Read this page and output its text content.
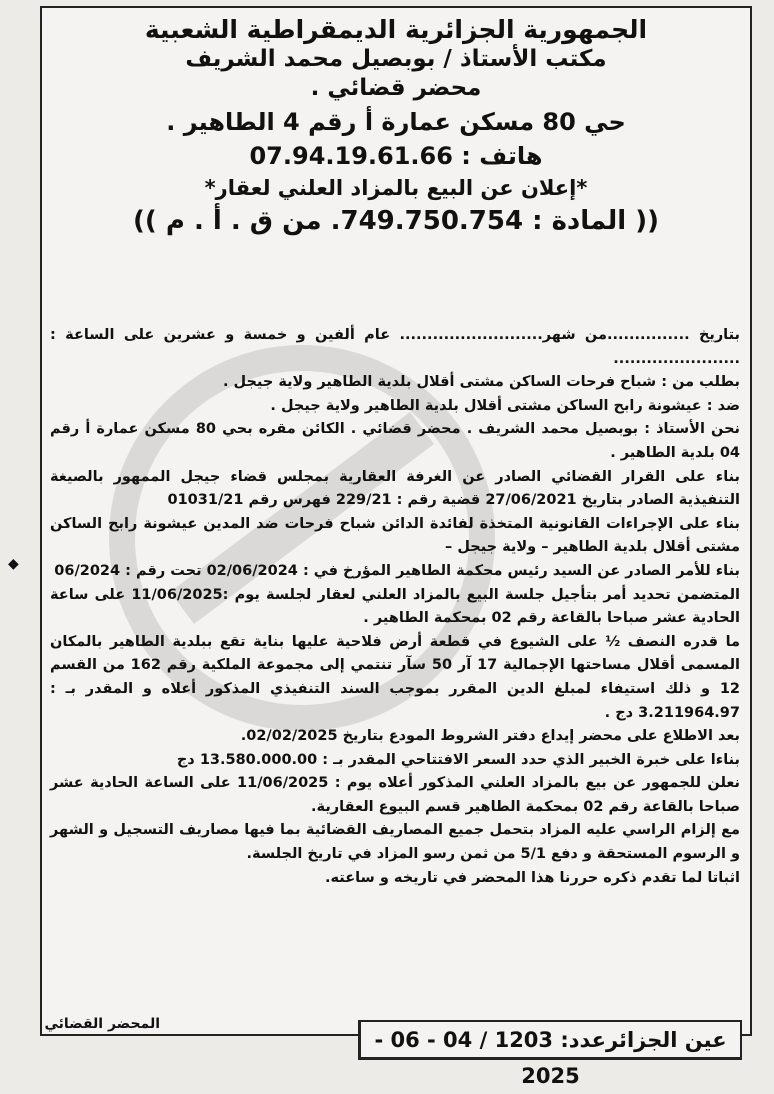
الجمهورية الجزائرية الديمقراطية الشعبية

مكتب الأستاذ / بوبصيل محمد الشريف

محضر قضائي .

حي 80 مسكن عمارة أ رقم 4 الطاهير .

هاتف : 07.94.19.61.66

*إعلان عن البيع بالمزاد العلني لعقار*

(( المادة : 749.750.754. من ق . أ . م ))

بتاريخ ...............من شهر.......................... عام ألفين و خمسة و عشرين على الساعة : .......................

بطلب من : شباح فرحات الساكن مشتى أقلال بلدية الطاهير ولاية جيجل .

ضد : عيشونة رابح الساكن مشتى أقلال بلدية الطاهير ولاية جيجل .

نحن الأستاذ : بوبصيل محمد الشريف . محضر قضائي . الكائن مقره بحي 80 مسكن عمارة أ رقم 04 بلدية الطاهير .

بناء على القرار القضائي الصادر عن الغرفة العقارية بمجلس قضاء جيجل الممهور بالصيغة التنفيذية الصادر بتاريخ 27/06/2021 قضية رقم : 229/21 فهرس رقم 01031/21

بناء على الإجراءات القانونية المتخذة لفائدة الدائن شباح فرحات ضد المدين عيشونة رابح الساكن مشتى أقلال بلدية الطاهير – ولاية جيجل –

بناء للأمر الصادر عن السيد رئيس محكمة الطاهير المؤرخ في : 02/06/2024 تحت رقم : 06/2024

المتضمن تحديد أمر بتأجيل جلسة البيع بالمزاد العلني لعقار لجلسة يوم :11/06/2025 على ساعة الحادية عشر صباحا بالقاعة رقم 02 بمحكمة الطاهير .

ما قدره النصف ½ على الشيوع في قطعة أرض فلاحية عليها بناية تقع ببلدية الطاهير بالمكان المسمى أقلال مساحتها الإجمالية 17 آر 50 سآر تنتمي إلى مجموعة الملكية رقم 162 من القسم 12 و ذلك استيفاء لمبلغ الدين المقرر بموجب السند التنفيذي المذكور أعلاه و المقدر بـ : 3.211964.97 دج .

بعد الاطلاع على محضر إيداع دفتر الشروط المودع بتاريخ 02/02/2025.

بناءا على خبرة الخبير الذي حدد السعر الافتتاحي المقدر بـ : 13.580.000.00 دج

نعلن للجمهور عن بيع بالمزاد العلني المذكور أعلاه يوم : 11/06/2025 على الساعة الحادية عشر صباحا بالقاعة رقم 02 بمحكمة الطاهير قسم البيوع العقارية.

مع إلزام الراسي عليه المزاد بتحمل جميع المصاريف القضائية بما فيها مصاريف التسجيل و الشهر و الرسوم المستحقة و دفع 5/1 من ثمن رسو المزاد في تاريخ الجلسة.

اثباتا لما تقدم ذكره حررنا هذا المحضر في تاريخه و ساعته.

المحضر القضائي
◆
عين الجزائرعدد: 1203 / 04 - 06 - 2025
